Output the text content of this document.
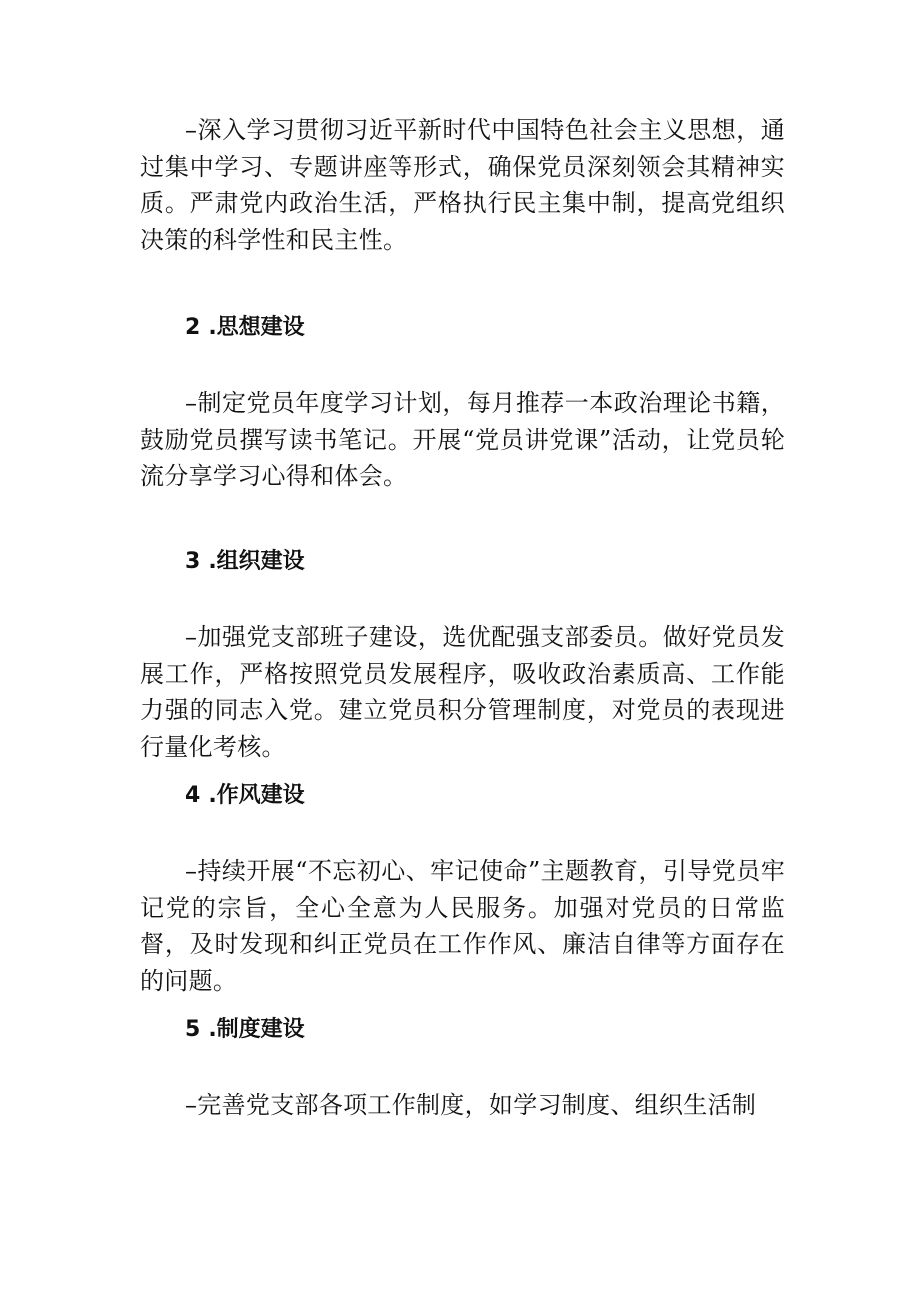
–深入学习贯彻习近平新时代中国特色社会主义思想，通过集中学习、专题讲座等形式，确保党员深刻领会其精神实质。严肃党内政治生活，严格执行民主集中制，提高党组织决策的科学性和民主性。

2 .思想建设

–制定党员年度学习计划，每月推荐一本政治理论书籍，鼓励党员撰写读书笔记。开展“党员讲党课”活动，让党员轮流分享学习心得和体会。

3 .组织建设

–加强党支部班子建设，选优配强支部委员。做好党员发展工作，严格按照党员发展程序，吸收政治素质高、工作能力强的同志入党。建立党员积分管理制度，对党员的表现进行量化考核。

4 .作风建设

–持续开展“不忘初心、牢记使命”主题教育，引导党员牢记党的宗旨，全心全意为人民服务。加强对党员的日常监督，及时发现和纠正党员在工作作风、廉洁自律等方面存在的问题。

5 .制度建设

–完善党支部各项工作制度，如学习制度、组织生活制
